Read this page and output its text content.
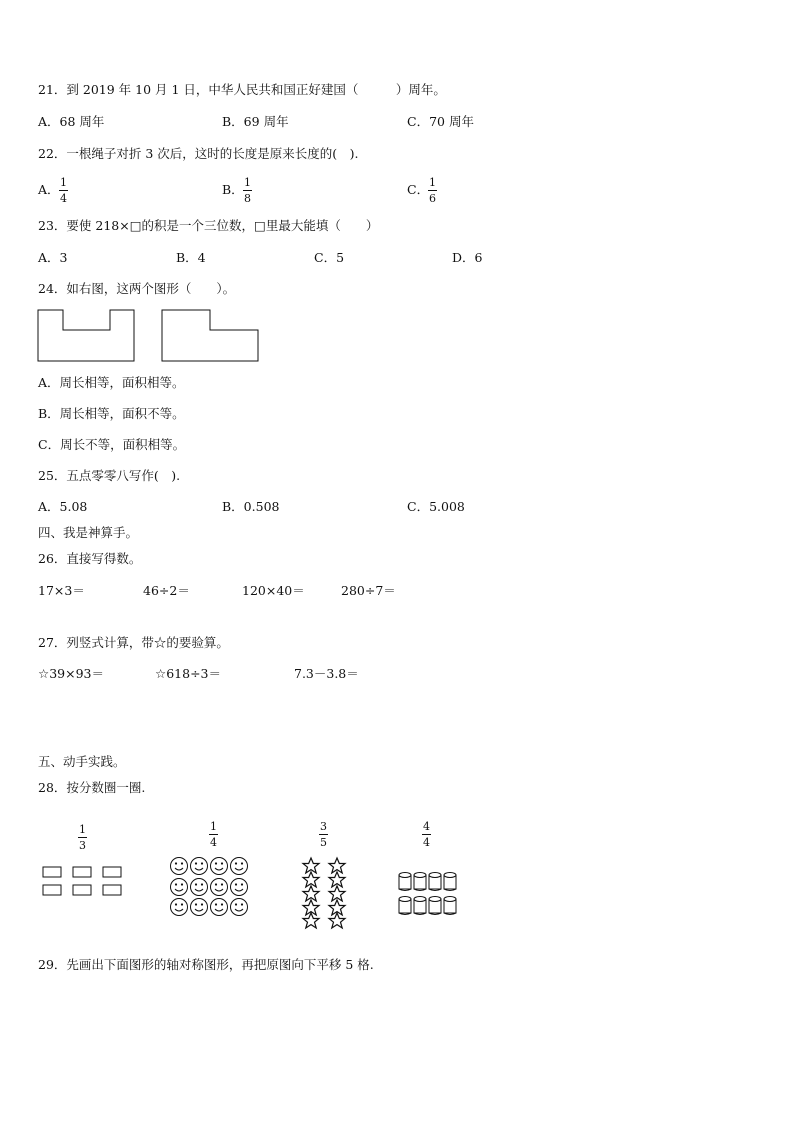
21．到 2019 年 10 月 1 日，中华人民共和国正好建国（　　　）周年。
A．68 周年	B．69 周年	C．70 周年
22．一根绳子对折 3 次后，这时的长度是原来长度的(　).
A． 1
4
B． 1
8
C． 1
6
23．要使 218×□的积是一个三位数，□里最大能填（　　）
A．3	B．4	C．5	D．6
24．如右图，这两个图形（　　）。
A．周长相等，面积相等。
B．周长相等，面积不等。
C．周长不等，面积相等。
25．五点零零八写作(　).
A．5.08	B．0.508	C．5.008
四、我是神算手。
26．直接写得数。
17×3＝	46÷2＝	120×40＝	280÷7＝
27．列竖式计算，带☆的要验算。
☆39×93＝	☆618÷3＝	7.3－3.8＝
五、动手实践。
28．按分数圈一圈.
1
3
1
4
3
5
4
4
29．先画出下面图形的轴对称图形，再把原图向下平移 5 格.
